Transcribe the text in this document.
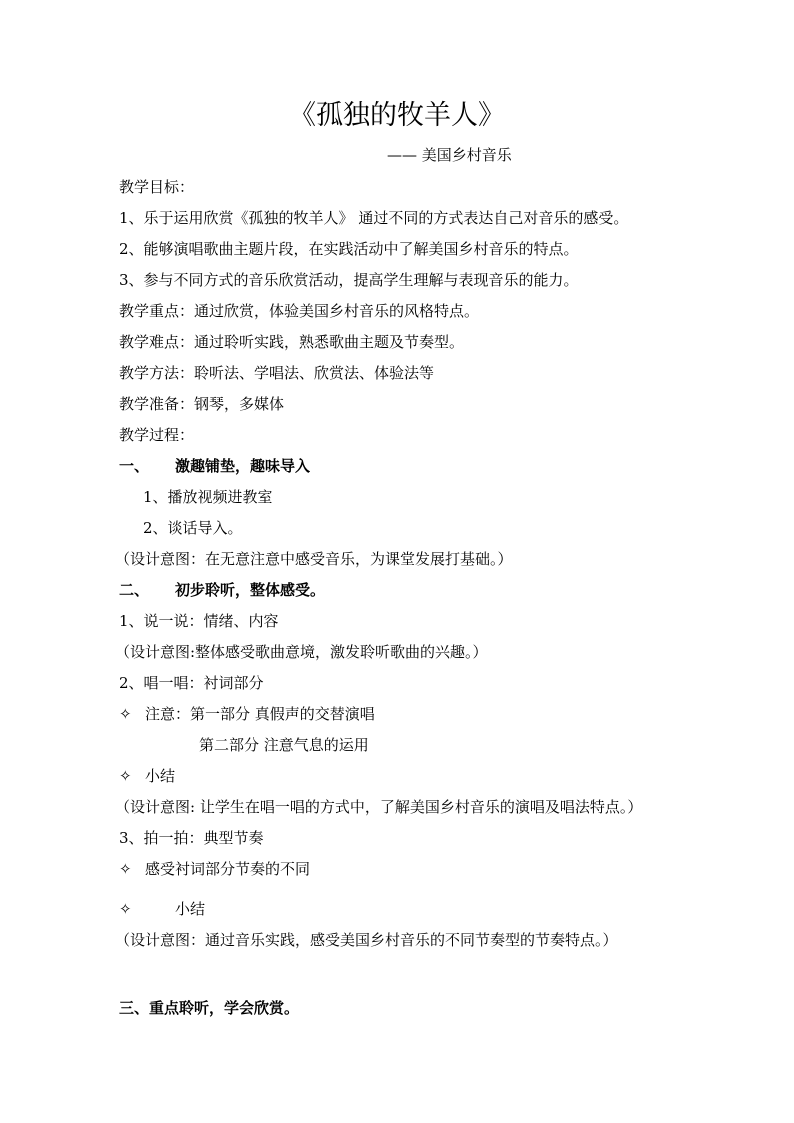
《孤独的牧羊人》
—— 美国乡村音乐
教学目标：
1、乐于运用欣赏《孤独的牧羊人》 通过不同的方式表达自己对音乐的感受。
2、能够演唱歌曲主题片段，在实践活动中了解美国乡村音乐的特点。
3、参与不同方式的音乐欣赏活动，提高学生理解与表现音乐的能力。
教学重点：通过欣赏，体验美国乡村音乐的风格特点。
教学难点：通过聆听实践，熟悉歌曲主题及节奏型。
教学方法：聆听法、学唱法、欣赏法、体验法等
教学准备：钢琴，多媒体
教学过程：
一、 激趣铺垫，趣味导入
1、播放视频进教室
2、谈话导入。
（设计意图：在无意注意中感受音乐，为课堂发展打基础。）
二、 初步聆听，整体感受。
1、说一说：情绪、内容
（设计意图:整体感受歌曲意境，激发聆听歌曲的兴趣。）
2、唱一唱：衬词部分
✧ 注意：第一部分 真假声的交替演唱
第二部分 注意气息的运用
✧ 小结
（设计意图: 让学生在唱一唱的方式中，了解美国乡村音乐的演唱及唱法特点。）
3、拍一拍：典型节奏
✧ 感受衬词部分节奏的不同
✧	小结
（设计意图：通过音乐实践，感受美国乡村音乐的不同节奏型的节奏特点。）
三、重点聆听，学会欣赏。
